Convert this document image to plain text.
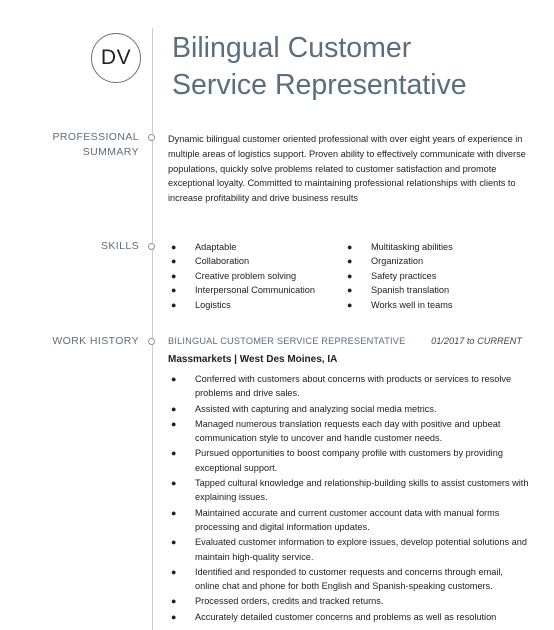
DV Bilingual Customer
Service Representative
PROFESSIONAL
SUMMARY

Dynamic bilingual customer oriented professional with over eight years of experience in multiple areas of logistics support. Proven ability to effectively communicate with diverse populations, quickly solve problems related to customer satisfaction and promote exceptional loyalty. Committed to maintaining professional relationships with clients to increase profitability and drive business results

SKILLS	● Adaptable
● Collaboration
● Creative problem solving
● Interpersonal Communication
● Logistics
● Multitasking abilities
● Organization
● Safety practices
● Spanish translation
● Works well in teams
WORK HISTORY	BILINGUAL CUSTOMER SERVICE REPRESENTATIVE	01/2017 to CURRENT
Massmarkets | West Des Moines, IA
● Conferred with customers about concerns with products or services to resolve problems and drive sales.
● Assisted with capturing and analyzing social media metrics.
● Managed numerous translation requests each day with positive and upbeat communication style to uncover and handle customer needs.
● Pursued opportunities to boost company profile with customers by providing exceptional support.
● Tapped cultural knowledge and relationship-building skills to assist customers with explaining issues.
● Maintained accurate and current customer account data with manual forms processing and digital information updates.
● Evaluated customer information to explore issues, develop potential solutions and maintain high-quality service.
● Identified and responded to customer requests and concerns through email, online chat and phone for both English and Spanish-speaking customers.
● Processed orders, credits and tracked returns.
● Accurately detailed customer concerns and problems as well as resolution
